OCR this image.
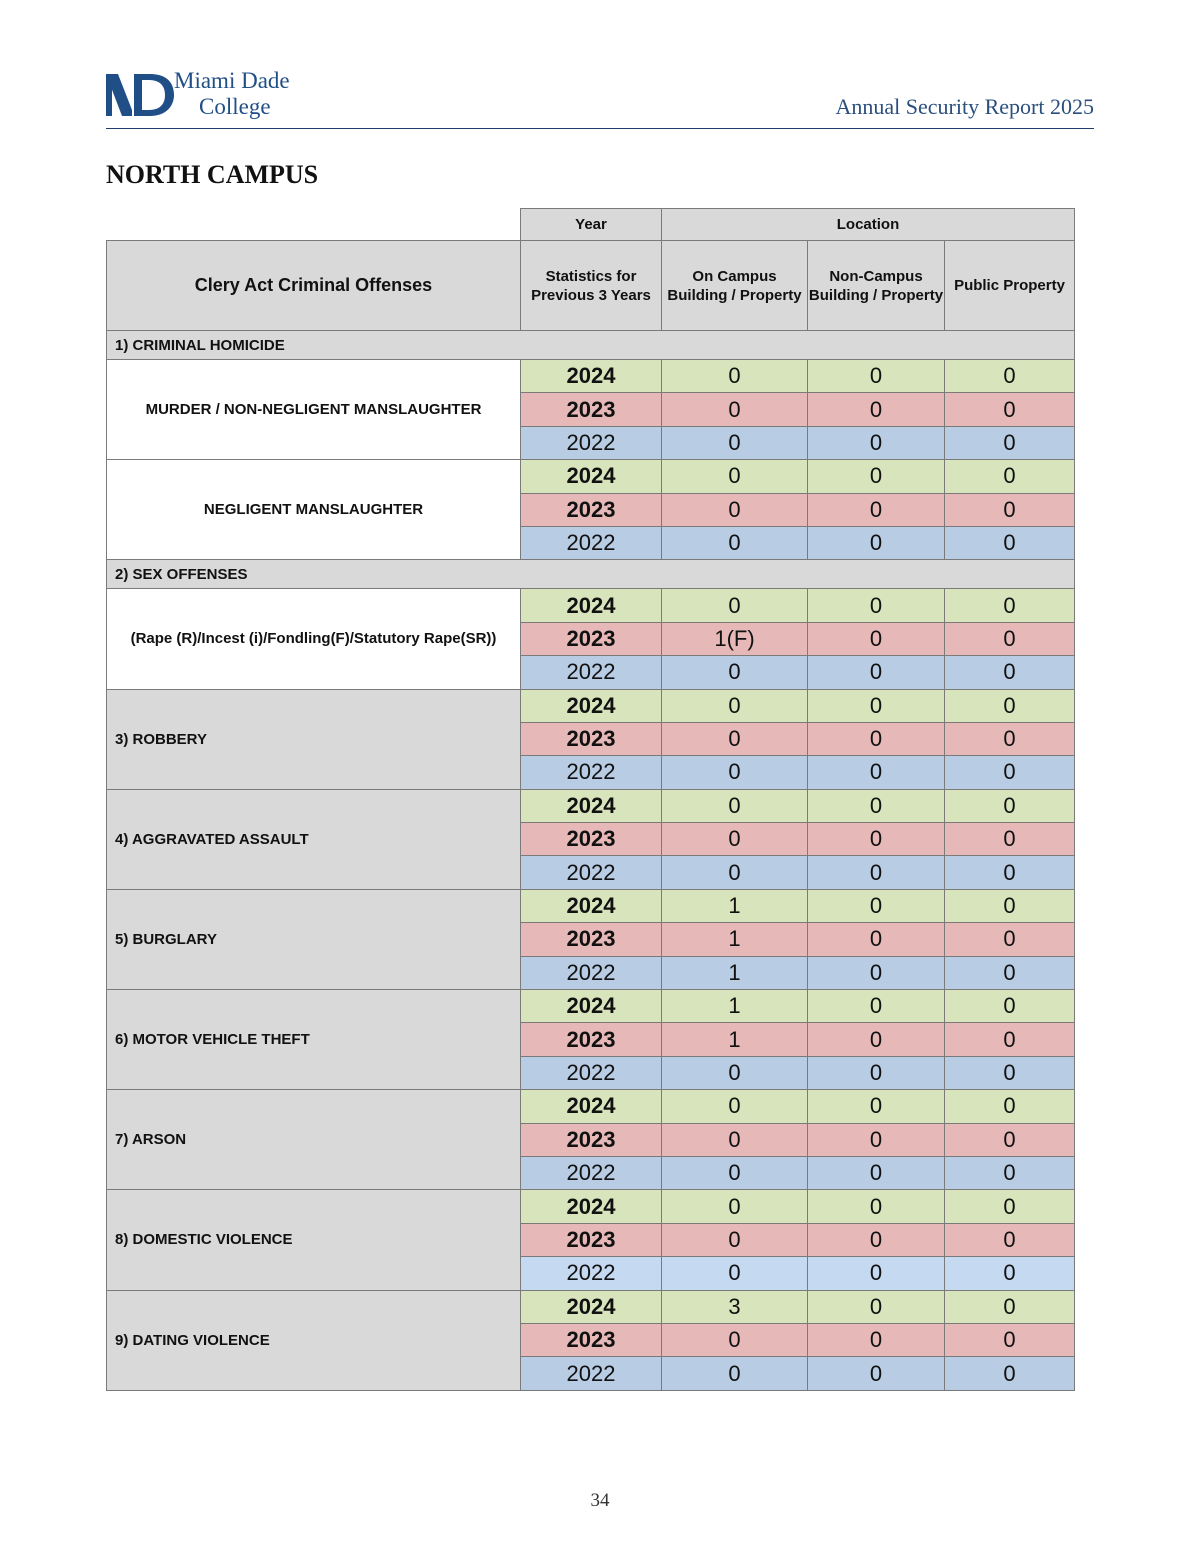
Miami Dade
College	Annual Security Report 2025
NORTH CAMPUS
	Year	Location		
Clery Act Criminal Offenses	Statistics for Previous 3 Years	On Campus Building / Property	Non-Campus Building / Property	Public Property
1) CRIMINAL HOMICIDE				
MURDER / NON-NEGLIGENT MANSLAUGHTER	2024	0	0	0
	2023	0	0	0
	2022	0	0	0
NEGLIGENT MANSLAUGHTER	2024	0	0	0
	2023	0	0	0
	2022	0	0	0
2) SEX OFFENSES				
(Rape (R)/Incest (i)/Fondling(F)/Statutory Rape(SR))	2024	0	0	0
	2023	1(F)	0	0
	2022	0	0	0
3) ROBBERY	2024	0	0	0
	2023	0	0	0
	2022	0	0	0
4) AGGRAVATED ASSAULT	2024	0	0	0
	2023	0	0	0
	2022	0	0	0
5) BURGLARY	2024	1	0	0
	2023	1	0	0
	2022	1	0	0
6) MOTOR VEHICLE THEFT	2024	1	0	0
	2023	1	0	0
	2022	0	0	0
7) ARSON	2024	0	0	0
	2023	0	0	0
	2022	0	0	0
8) DOMESTIC VIOLENCE	2024	0	0	0
	2023	0	0	0
	2022	0	0	0
9) DATING VIOLENCE	2024	3	0	0
	2023	0	0	0
	2022	0	0	0
34
